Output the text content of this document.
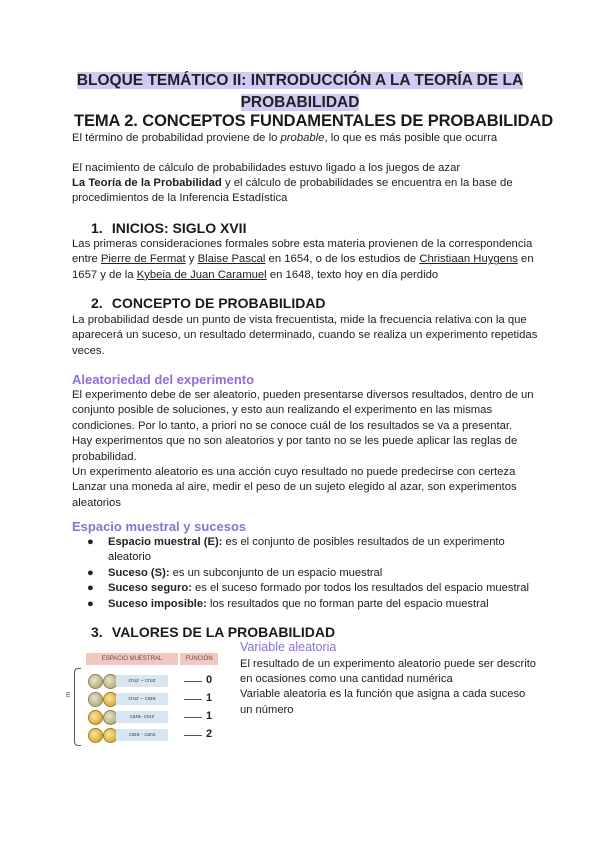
BLOQUE TEMÁTICO II: INTRODUCCIÓN A LA TEORÍA DE LA
PROBABILIDAD
TEMA 2. CONCEPTOS FUNDAMENTALES DE PROBABILIDAD
El término de probabilidad proviene de lo probable, lo que es más posible que ocurra
El nacimiento de cálculo de probabilidades estuvo ligado a los juegos de azar
La Teoría de la Probabilidad y el cálculo de probabilidades se encuentra en la base de procedimientos de la Inferencia Estadística
1. INICIOS: SIGLO XVII
Las primeras consideraciones formales sobre esta materia provienen de la correspondencia entre Pierre de Fermat y Blaise Pascal en 1654, o de los estudios de Christiaan Huygens en 1657 y de la Kybeia de Juan Caramuel en 1648, texto hoy en día perdido
2. CONCEPTO DE PROBABILIDAD
La probabilidad desde un punto de vista frecuentista, mide la frecuencia relativa con la que aparecerá un suceso, un resultado determinado, cuando se realiza un experimento repetidas veces.
Aleatoriedad del experimento
El experimento debe de ser aleatorio, pueden presentarse diversos resultados, dentro de un conjunto posible de soluciones, y esto aun realizando el experimento en las mismas condiciones. Por lo tanto, a priori no se conoce cuál de los resultados se va a presentar.
Hay experimentos que no son aleatorios y por tanto no se les puede aplicar las reglas de probabilidad.
Un experimento aleatorio es una acción cuyo resultado no puede predecirse con certeza
Lanzar una moneda al aire, medir el peso de un sujeto elegido al azar, son experimentos aleatorios
Espacio muestral y sucesos
● Espacio muestral (E): es el conjunto de posibles resultados de un experimento aleatorio
● Suceso (S): es un subconjunto de un espacio muestral
● Suceso seguro: es el suceso formado por todos los resultados del espacio muestral
● Suceso imposible: los resultados que no forman parte del espacio muestral
3. VALORES DE LA PROBABILIDAD
ESPACIO MUESTRAL	FUNCIÓN
E
cruz – cruz	0
cruz – cara	1
cara- cruz	1
cara - cara	2
Variable aleatoria
El resultado de un experimento aleatorio puede ser descrito en ocasiones como una cantidad numérica
Variable aleatoria es la función que asigna a cada suceso un número
